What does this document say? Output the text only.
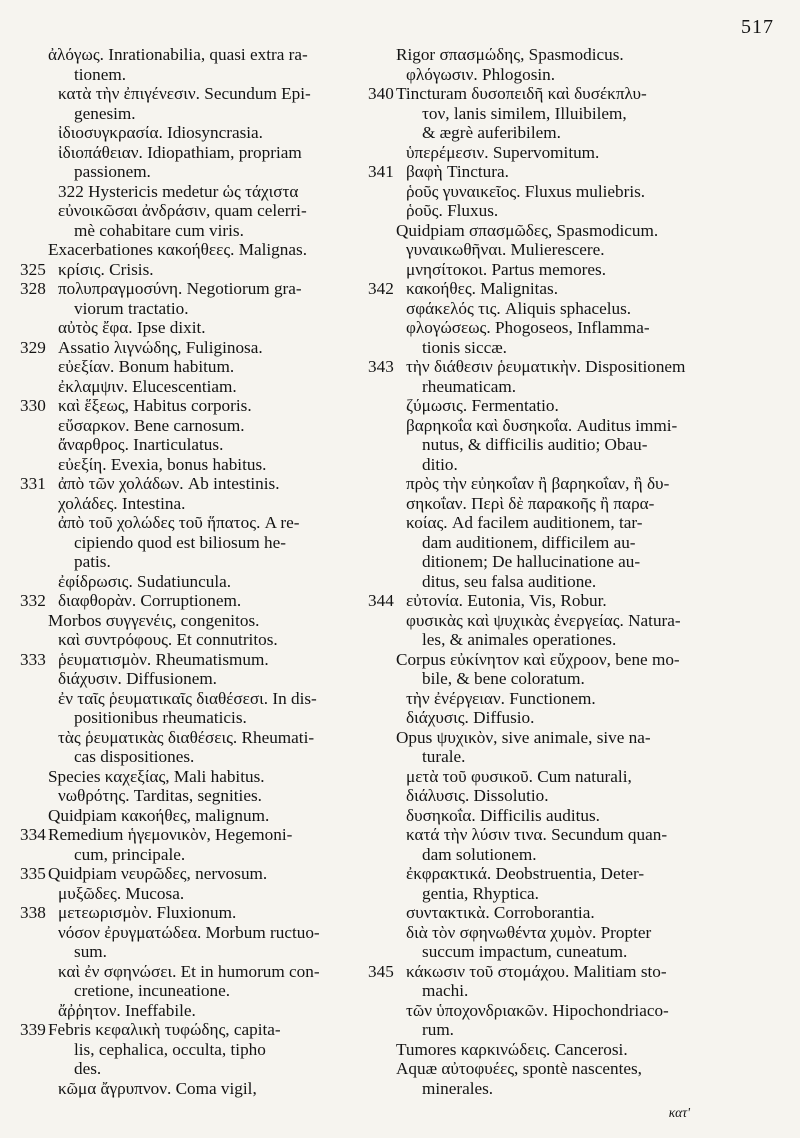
517
ἀλόγως. Inrationabilia, quasi extra ra-
tionem.
κατὰ τὴν ἐπιγένεσιν. Secundum Epi-
genesim.
ἰδιοσυγκρασία. Idiosyncrasia.
ἰδιοπάθειαν. Idiopathiam, propriam
passionem.
322 Hystericis medetur ὡς τάχιστα
εὐνοικῶσαι ἀνδράσιν, quam celerri-
mè cohabitare cum viris.
Exacerbationes κακοήθεες. Malignas.
325 κρίσις. Crisis.
328 πολυπραγμοσύνη. Negotiorum gra-
viorum tractatio.
αὐτὸς ἔφα. Ipse dixit.
329 Assatio λιγνώδης, Fuliginosa.
εὐεξίαν. Bonum habitum.
ἐκλαμψιν. Elucescentiam.
330 καὶ ἕξεως, Habitus corporis.
εὔσαρκον. Bene carnosum.
ἄναρθρος. Inarticulatus.
εὐεξίη. Evexia, bonus habitus.
331 ἀπὸ τῶν χολάδων. Ab intestinis.
χολάδες. Intestina.
ἀπὸ τοῦ χολώδες τοῦ ἥπατος. A re-
cipiendo quod est biliosum he-
patis.
ἐφίδρωσις. Sudatiuncula.
332 διαφθορὰν. Corruptionem.
Morbos συγγενέις, congenitos.
καὶ συντρόφους. Et connutritos.
333 ῥευματισμὸν. Rheumatismum.
διάχυσιν. Diffusionem.
ἐν ταῖς ῥευματικαῖς διαθέσεσι. In dis-
positionibus rheumaticis.
τὰς ῥευματικὰς διαθέσεις. Rheumati-
cas dispositiones.
Species καχεξίας, Mali habitus.
νωθρότης. Tarditas, segnities.
Quidpiam κακοήθες, malignum.
334 Remedium ἡγεμονικὸν, Hegemoni-
cum, principale.
335 Quidpiam νευρῶδες, nervosum.
μυξῶδες. Mucosa.
338 μετεωρισμὸν. Fluxionum.
νόσον ἐρυγματώδεα. Morbum ructuo-
sum.
καὶ ἐν σφηνώσει. Et in humorum con-
cretione, incuneatione.
ἄῤῥητον. Ineffabile.
339 Febris κεφαλικὴ τυφώδης, capita-
lis, cephalica, occulta, tipho
des.
κῶμα ἄγρυπνον. Coma vigil,
Rigor σπασμώδης, Spasmodicus.
φλόγωσιν. Phlogosin.
340 Tincturam δυσοπειδῆ καὶ δυσέκπλυ-
τον, lanis similem, Illuibilem,
& ægrè auferibilem.
ὑπερέμεσιν. Supervomitum.
341 βαφὴ Tinctura.
ῥοῦς γυναικεῖος. Fluxus muliebris.
ῥοῦς. Fluxus.
Quidpiam σπασμῶδες, Spasmodicum.
γυναικωθῆναι. Mulierescere.
μνησίτοκοι. Partus memores.
342 κακοήθες. Malignitas.
σφάκελός τις. Aliquis sphacelus.
φλογώσεως. Phogoseos, Inflamma-
tionis siccæ.
343 τὴν διάθεσιν ῥευματικὴν. Dispositionem
rheumaticam.
ζύμωσις. Fermentatio.
βαρηκοΐα καὶ δυσηκοΐα. Auditus immi-
nutus, & difficilis auditio; Obau-
ditio.
πρὸς τὴν εὐηκοΐαν ἢ βαρηκοΐαν, ἢ δυ-
σηκοΐαν. Περὶ δὲ παρακοῆς ἢ παρα-
κοίας. Ad facilem auditionem, tar-
dam auditionem, difficilem au-
ditionem; De hallucinatione au-
ditus, seu falsa auditione.
344 εὐτονία. Eutonia, Vis, Robur.
φυσικὰς καὶ ψυχικὰς ἐνεργείας. Natura-
les, & animales operationes.
Corpus εὐκίνητον καὶ εὔχροον, bene mo-
bile, & bene coloratum.
τὴν ἐνέργειαν. Functionem.
διάχυσις. Diffusio.
Opus ψυχικὸν, sive animale, sive na-
turale.
μετὰ τοῦ φυσικοῦ. Cum naturali,
διάλυσις. Dissolutio.
δυσηκοΐα. Difficilis auditus.
κατά τὴν λύσιν τινα. Secundum quan-
dam solutionem.
ἐκφρακτικά. Deobstruentia, Deter-
gentia, Rhyptica.
συντακτικὰ. Corroborantia.
διὰ τὸν σφηνωθέντα χυμὸν. Propter
succum impactum, cuneatum.
345 κάκωσιν τοῦ στομάχου. Malitiam sto-
machi.
τῶν ὑποχονδριακῶν. Hipochondriaco-
rum.
Tumores καρκινώδεις. Cancerosi.
Aquæ αὐτοφυέες, spontè nascentes,
minerales.
κατ'
